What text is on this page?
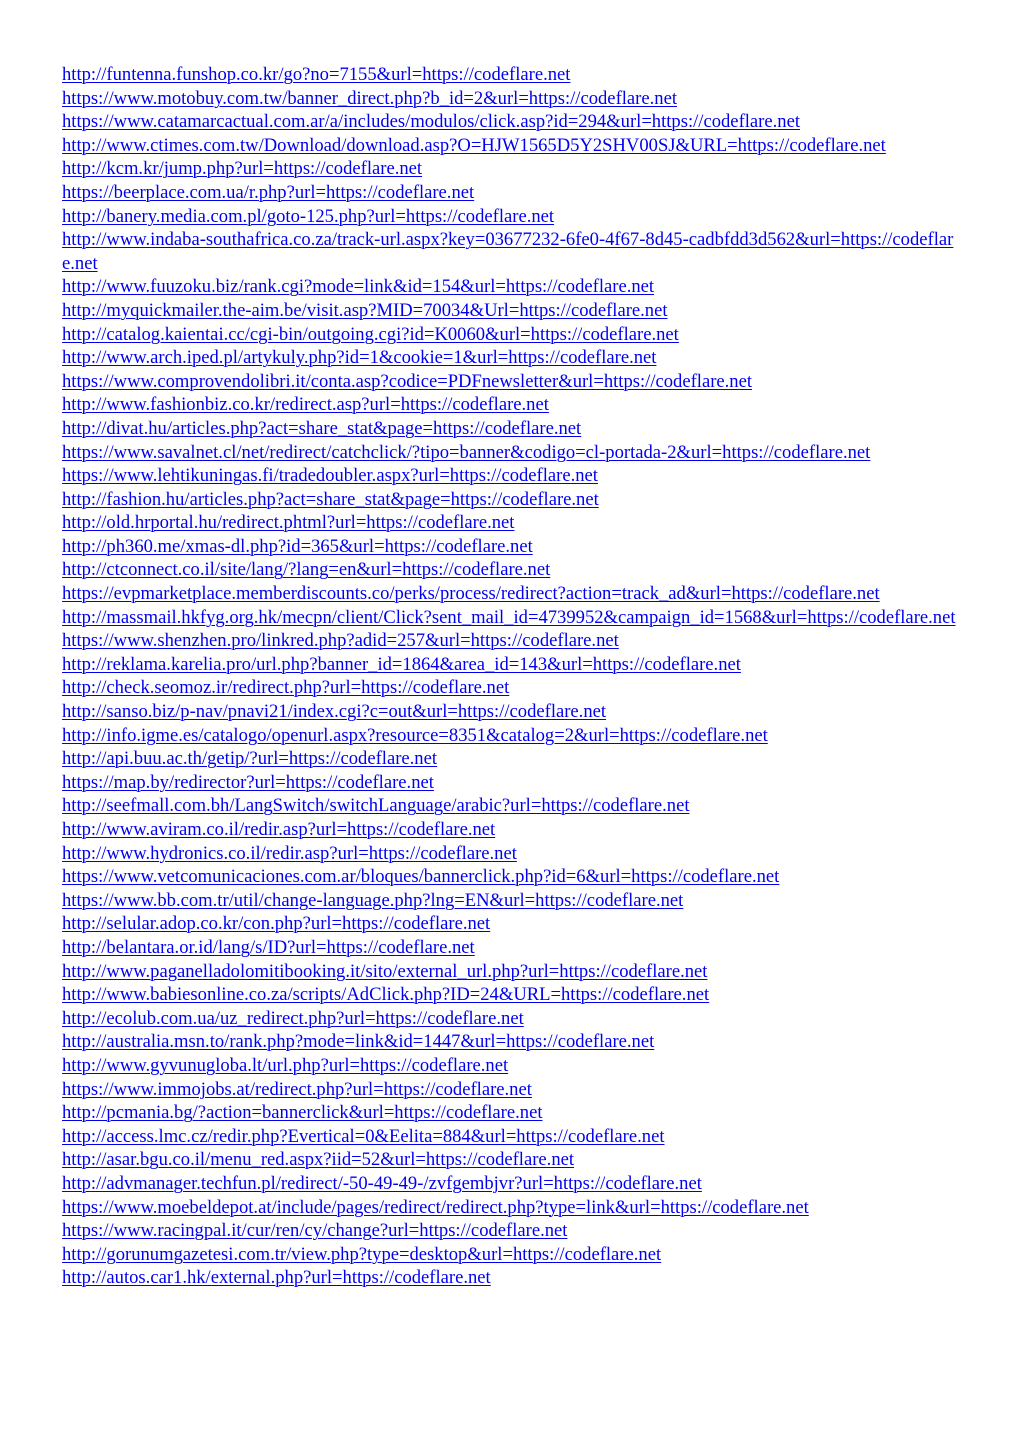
http://funtenna.funshop.co.kr/go?no=7155&url=https://codeflare.net
https://www.motobuy.com.tw/banner_direct.php?b_id=2&url=https://codeflare.net
https://www.catamarcactual.com.ar/a/includes/modulos/click.asp?id=294&url=https://codeflare.net
http://www.ctimes.com.tw/Download/download.asp?O=HJW1565D5Y2SHV00SJ&URL=https://codeflare.net
http://kcm.kr/jump.php?url=https://codeflare.net
https://beerplace.com.ua/r.php?url=https://codeflare.net
http://banery.media.com.pl/goto-125.php?url=https://codeflare.net
http://www.indaba-southafrica.co.za/track-url.aspx?key=03677232-6fe0-4f67-8d45-cadbfdd3d562&url=https://codeflare.net
http://www.fuuzoku.biz/rank.cgi?mode=link&id=154&url=https://codeflare.net
http://myquickmailer.the-aim.be/visit.asp?MID=70034&Url=https://codeflare.net
http://catalog.kaientai.cc/cgi-bin/outgoing.cgi?id=K0060&url=https://codeflare.net
http://www.arch.iped.pl/artykuly.php?id=1&cookie=1&url=https://codeflare.net
https://www.comprovendolibri.it/conta.asp?codice=PDFnewsletter&url=https://codeflare.net
http://www.fashionbiz.co.kr/redirect.asp?url=https://codeflare.net
http://divat.hu/articles.php?act=share_stat&page=https://codeflare.net
https://www.savalnet.cl/net/redirect/catchclick/?tipo=banner&codigo=cl-portada-2&url=https://codeflare.net
https://www.lehtikuningas.fi/tradedoubler.aspx?url=https://codeflare.net
http://fashion.hu/articles.php?act=share_stat&page=https://codeflare.net
http://old.hrportal.hu/redirect.phtml?url=https://codeflare.net
http://ph360.me/xmas-dl.php?id=365&url=https://codeflare.net
http://ctconnect.co.il/site/lang/?lang=en&url=https://codeflare.net
https://evpmarketplace.memberdiscounts.co/perks/process/redirect?action=track_ad&url=https://codeflare.net
http://massmail.hkfyg.org.hk/mecpn/client/Click?sent_mail_id=4739952&campaign_id=1568&url=https://codeflare.net
https://www.shenzhen.pro/linkred.php?adid=257&url=https://codeflare.net
http://reklama.karelia.pro/url.php?banner_id=1864&area_id=143&url=https://codeflare.net
http://check.seomoz.ir/redirect.php?url=https://codeflare.net
http://sanso.biz/p-nav/pnavi21/index.cgi?c=out&url=https://codeflare.net
http://info.igme.es/catalogo/openurl.aspx?resource=8351&catalog=2&url=https://codeflare.net
http://api.buu.ac.th/getip/?url=https://codeflare.net
https://map.by/redirector?url=https://codeflare.net
http://seefmall.com.bh/LangSwitch/switchLanguage/arabic?url=https://codeflare.net
http://www.aviram.co.il/redir.asp?url=https://codeflare.net
http://www.hydronics.co.il/redir.asp?url=https://codeflare.net
https://www.vetcomunicaciones.com.ar/bloques/bannerclick.php?id=6&url=https://codeflare.net
https://www.bb.com.tr/util/change-language.php?lng=EN&url=https://codeflare.net
http://selular.adop.co.kr/con.php?url=https://codeflare.net
http://belantara.or.id/lang/s/ID?url=https://codeflare.net
http://www.paganelladolomitibooking.it/sito/external_url.php?url=https://codeflare.net
http://www.babiesonline.co.za/scripts/AdClick.php?ID=24&URL=https://codeflare.net
http://ecolub.com.ua/uz_redirect.php?url=https://codeflare.net
http://australia.msn.to/rank.php?mode=link&id=1447&url=https://codeflare.net
http://www.gyvunugloba.lt/url.php?url=https://codeflare.net
https://www.immojobs.at/redirect.php?url=https://codeflare.net
http://pcmania.bg/?action=bannerclick&url=https://codeflare.net
http://access.lmc.cz/redir.php?Evertical=0&Eelita=884&url=https://codeflare.net
http://asar.bgu.co.il/menu_red.aspx?iid=52&url=https://codeflare.net
http://advmanager.techfun.pl/redirect/-50-49-49-/zvfgembjvr?url=https://codeflare.net
https://www.moebeldepot.at/include/pages/redirect/redirect.php?type=link&url=https://codeflare.net
https://www.racingpal.it/cur/ren/cy/change?url=https://codeflare.net
http://gorunumgazetesi.com.tr/view.php?type=desktop&url=https://codeflare.net
http://autos.car1.hk/external.php?url=https://codeflare.net
